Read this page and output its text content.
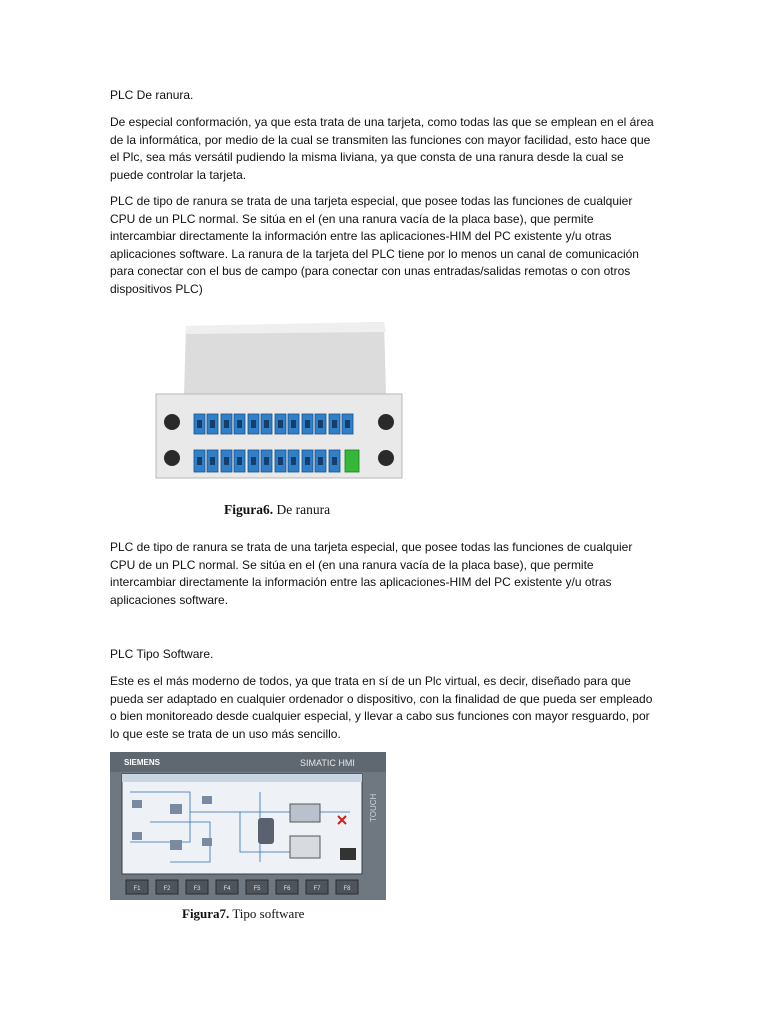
PLC De ranura.

De especial conformación, ya que esta trata de una tarjeta, como todas las que se emplean en el área de la informática, por medio de la cual se transmiten las funciones con mayor facilidad, esto hace que el Plc, sea más versátil pudiendo la misma liviana, ya que consta de una ranura desde la cual se puede controlar la tarjeta.

PLC de tipo de ranura se trata de una tarjeta especial, que posee todas las funciones de cualquier CPU de un PLC normal. Se sitúa en el (en una ranura vacía de la placa base), que permite intercambiar directamente la información entre las aplicaciones-HIM del PC existente y/u otras aplicaciones software. La ranura de la tarjeta del PLC tiene por lo menos un canal de comunicación para conectar con el bus de campo (para conectar con unas entradas/salidas remotas o con otros dispositivos PLC)

Figura6. De ranura

PLC de tipo de ranura se trata de una tarjeta especial, que posee todas las funciones de cualquier CPU de un PLC normal. Se sitúa en el (en una ranura vacía de la placa base), que permite intercambiar directamente la información entre las aplicaciones-HIM del PC existente y/u otras aplicaciones software.

PLC Tipo Software.

Este es el más moderno de todos, ya que trata en sí de un Plc virtual, es decir, diseñado para que pueda ser adaptado en cualquier ordenador o dispositivo, con la finalidad de que pueda ser empleado o bien monitoreado desde cualquier especial, y llevar a cabo sus funciones con mayor resguardo, por lo que este se trata de un uso más sencillo.

SIEMENS	SIMATIC HMI
TOUCH
F1	F2	F3	F4	F5	F6	F7	F8
Figura7. Tipo software
